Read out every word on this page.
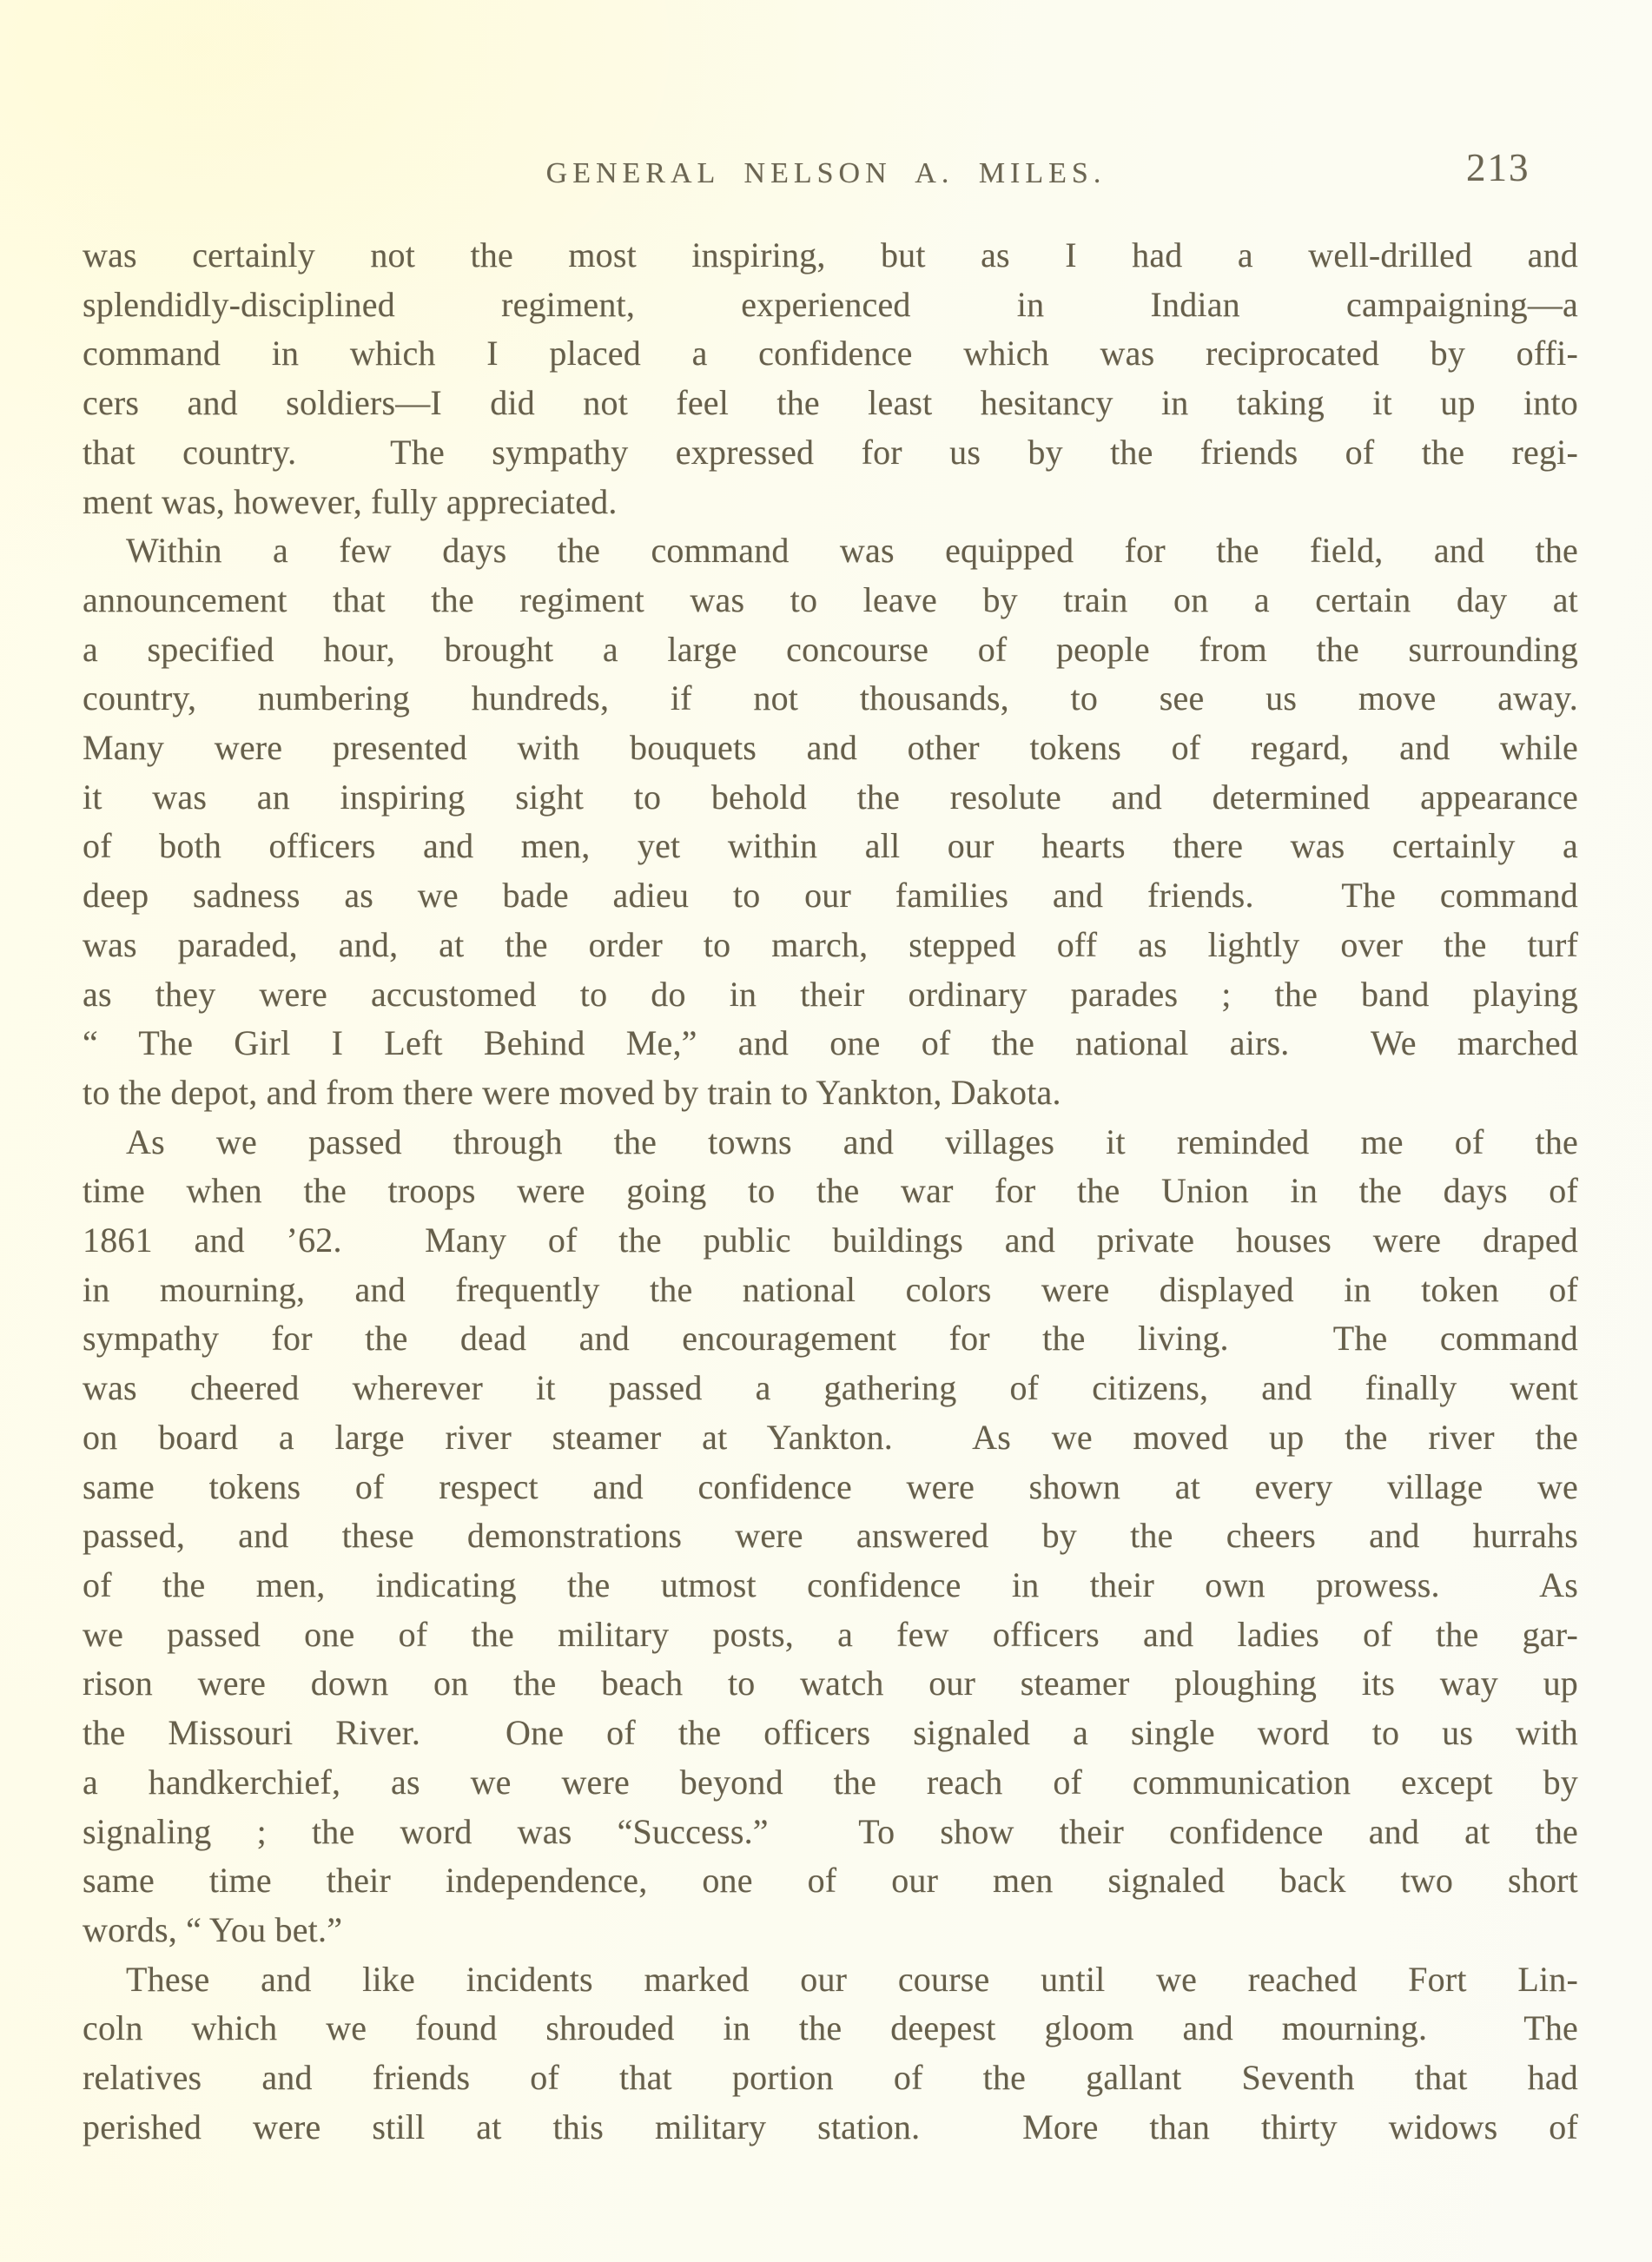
GENERAL NELSON A. MILES.	213
was certainly not the most inspiring, but as I had a well-drilled and
splendidly-disciplined regiment, experienced in Indian campaigning—a
command in which I placed a confidence which was reciprocated by offi-
cers and soldiers—I did not feel the least hesitancy in taking it up into
that country.  The sympathy expressed for us by the friends of the regi-
ment was, however, fully appreciated.
Within a few days the command was equipped for the field, and the
announcement that the regiment was to leave by train on a certain day at
a specified hour, brought a large concourse of people from the surrounding
country, numbering hundreds, if not thousands, to see us move away.
Many were presented with bouquets and other tokens of regard, and while
it was an inspiring sight to behold the resolute and determined appearance
of both officers and men, yet within all our hearts there was certainly a
deep sadness as we bade adieu to our families and friends.  The command
was paraded, and, at the order to march, stepped off as lightly over the turf
as they were accustomed to do in their ordinary parades ; the band playing
“ The Girl I Left Behind Me,” and one of the national airs.  We marched
to the depot, and from there were moved by train to Yankton, Dakota.
As we passed through the towns and villages it reminded me of the
time when the troops were going to the war for the Union in the days of
1861 and ’62.  Many of the public buildings and private houses were draped
in mourning, and frequently the national colors were displayed in token of
sympathy for the dead and encouragement for the living.  The command
was cheered wherever it passed a gathering of citizens, and finally went
on board a large river steamer at Yankton.  As we moved up the river the
same tokens of respect and confidence were shown at every village we
passed, and these demonstrations were answered by the cheers and hurrahs
of the men, indicating the utmost confidence in their own prowess.  As
we passed one of the military posts, a few officers and ladies of the gar-
rison were down on the beach to watch our steamer ploughing its way up
the Missouri River.  One of the officers signaled a single word to us with
a handkerchief, as we were beyond the reach of communication except by
signaling ; the word was “Success.”  To show their confidence and at the
same time their independence, one of our men signaled back two short
words, “ You bet.”
These and like incidents marked our course until we reached Fort Lin-
coln which we found shrouded in the deepest gloom and mourning.  The
relatives and friends of that portion of the gallant Seventh that had
perished were still at this military station.  More than thirty widows of
